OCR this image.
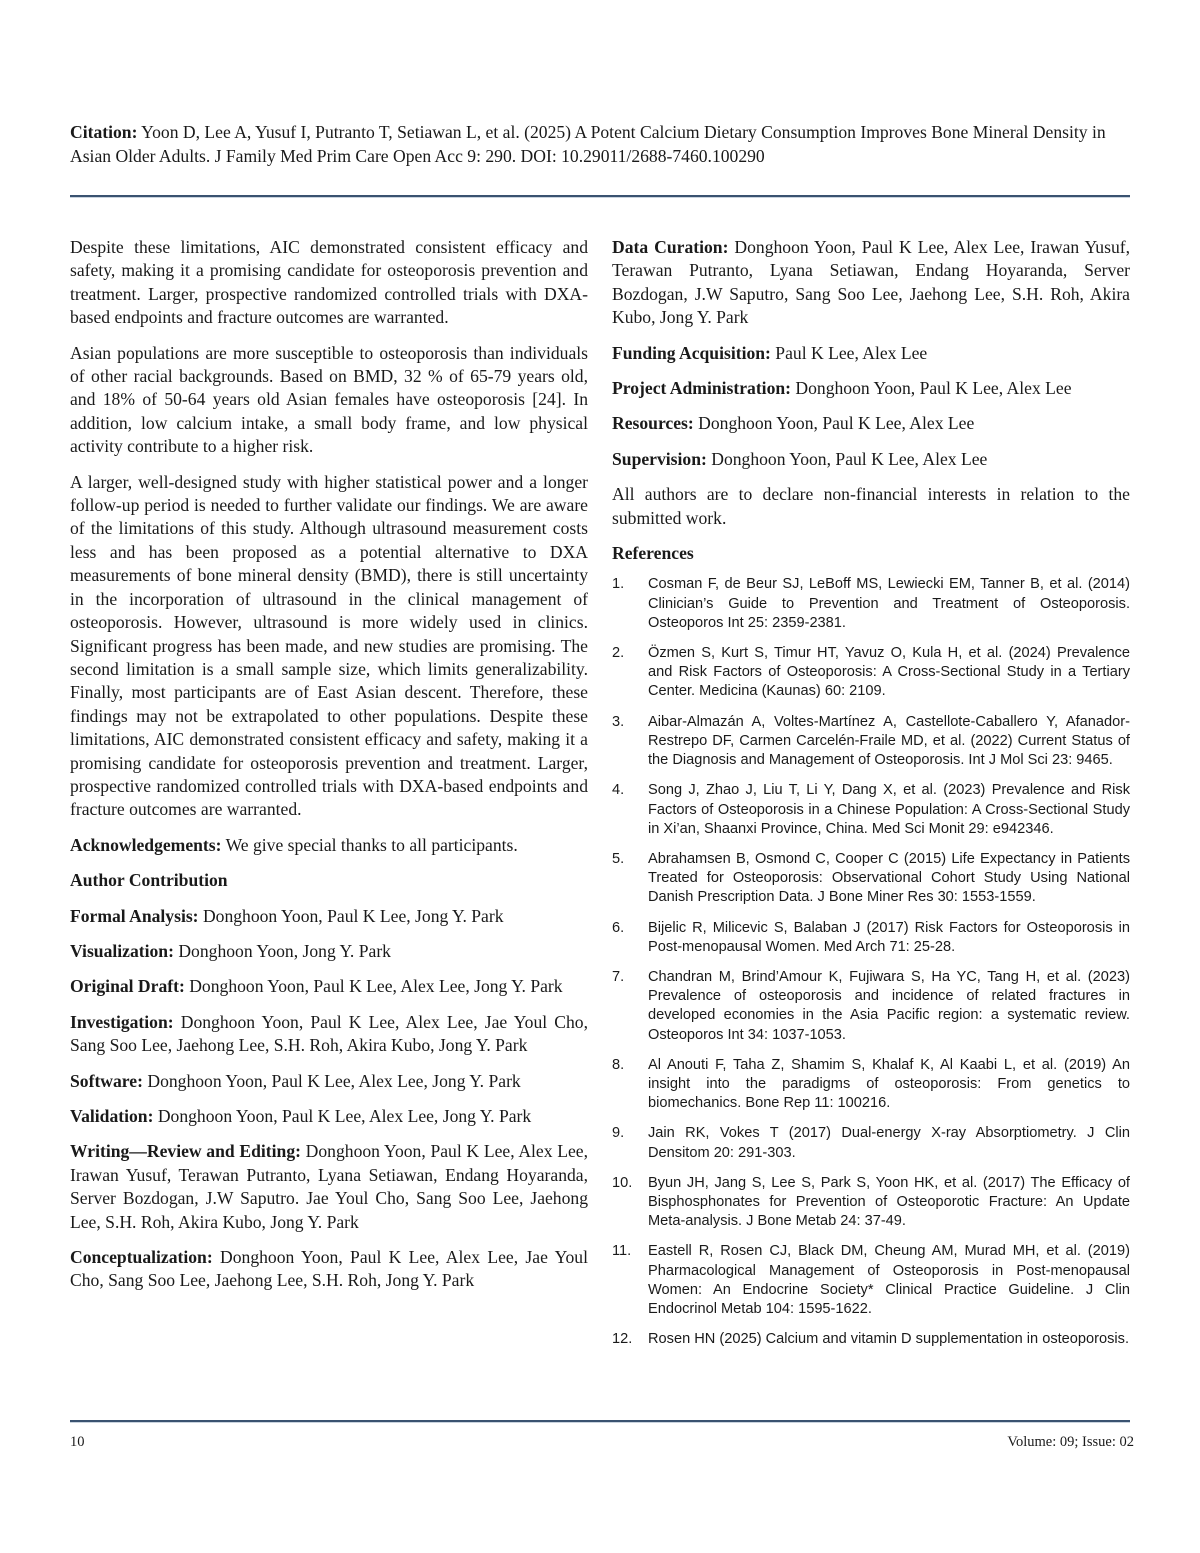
Citation: Yoon D, Lee A, Yusuf I, Putranto T, Setiawan L, et al. (2025) A Potent Calcium Dietary Consumption Improves Bone Mineral Density in Asian Older Adults. J Family Med Prim Care Open Acc 9: 290. DOI: 10.29011/2688-7460.100290

Despite these limitations, AIC demonstrated consistent efficacy and safety, making it a promising candidate for osteoporosis prevention and treatment. Larger, prospective randomized controlled trials with DXA-based endpoints and fracture outcomes are warranted.

Asian populations are more susceptible to osteoporosis than individuals of other racial backgrounds. Based on BMD, 32 % of 65-79 years old, and 18% of 50-64 years old Asian females have osteoporosis [24]. In addition, low calcium intake, a small body frame, and low physical activity contribute to a higher risk.

A larger, well-designed study with higher statistical power and a longer follow-up period is needed to further validate our findings. We are aware of the limitations of this study. Although ultrasound measurement costs less and has been proposed as a potential alternative to DXA measurements of bone mineral density (BMD), there is still uncertainty in the incorporation of ultrasound in the clinical management of osteoporosis. However, ultrasound is more widely used in clinics. Significant progress has been made, and new studies are promising. The second limitation is a small sample size, which limits generalizability. Finally, most participants are of East Asian descent. Therefore, these findings may not be extrapolated to other populations. Despite these limitations, AIC demonstrated consistent efficacy and safety, making it a promising candidate for osteoporosis prevention and treatment. Larger, prospective randomized controlled trials with DXA-based endpoints and fracture outcomes are warranted.

Acknowledgements: We give special thanks to all participants.

Author Contribution

Formal Analysis: Donghoon Yoon, Paul K Lee, Jong Y. Park

Visualization: Donghoon Yoon, Jong Y. Park

Original Draft: Donghoon Yoon, Paul K Lee, Alex Lee, Jong Y. Park

Investigation: Donghoon Yoon, Paul K Lee, Alex Lee, Jae Youl Cho, Sang Soo Lee, Jaehong Lee, S.H. Roh, Akira Kubo, Jong Y. Park

Software: Donghoon Yoon, Paul K Lee, Alex Lee, Jong Y. Park

Validation: Donghoon Yoon, Paul K Lee, Alex Lee, Jong Y. Park

Writing—Review and Editing: Donghoon Yoon, Paul K Lee, Alex Lee, Irawan Yusuf, Terawan Putranto, Lyana Setiawan, Endang Hoyaranda, Server Bozdogan, J.W Saputro. Jae Youl Cho, Sang Soo Lee, Jaehong Lee, S.H. Roh, Akira Kubo, Jong Y. Park

Conceptualization: Donghoon Yoon, Paul K Lee, Alex Lee, Jae Youl Cho, Sang Soo Lee, Jaehong Lee, S.H. Roh, Jong Y. Park

Data Curation: Donghoon Yoon, Paul K Lee, Alex Lee, Irawan Yusuf, Terawan Putranto, Lyana Setiawan, Endang Hoyaranda, Server Bozdogan, J.W Saputro, Sang Soo Lee, Jaehong Lee, S.H. Roh, Akira Kubo, Jong Y. Park

Funding Acquisition: Paul K Lee, Alex Lee

Project Administration: Donghoon Yoon, Paul K Lee, Alex Lee

Resources: Donghoon Yoon, Paul K Lee, Alex Lee

Supervision: Donghoon Yoon, Paul K Lee, Alex Lee

All authors are to declare non-financial interests in relation to the submitted work.

References

1. Cosman F, de Beur SJ, LeBoff MS, Lewiecki EM, Tanner B, et al. (2014) Clinician’s Guide to Prevention and Treatment of Osteoporosis. Osteoporos Int 25: 2359-2381.
2. Özmen S, Kurt S, Timur HT, Yavuz O, Kula H, et al. (2024) Prevalence and Risk Factors of Osteoporosis: A Cross-Sectional Study in a Tertiary Center. Medicina (Kaunas) 60: 2109.
3. Aibar-Almazán A, Voltes-Martínez A, Castellote-Caballero Y, Afanador-Restrepo DF, Carmen Carcelén-Fraile MD, et al. (2022) Current Status of the Diagnosis and Management of Osteoporosis. Int J Mol Sci 23: 9465.
4. Song J, Zhao J, Liu T, Li Y, Dang X, et al. (2023) Prevalence and Risk Factors of Osteoporosis in a Chinese Population: A Cross-Sectional Study in Xi’an, Shaanxi Province, China. Med Sci Monit 29: e942346.
5. Abrahamsen B, Osmond C, Cooper C (2015) Life Expectancy in Patients Treated for Osteoporosis: Observational Cohort Study Using National Danish Prescription Data. J Bone Miner Res 30: 1553-1559.
6. Bijelic R, Milicevic S, Balaban J (2017) Risk Factors for Osteoporosis in Post-menopausal Women. Med Arch 71: 25-28.
7. Chandran M, Brind’Amour K, Fujiwara S, Ha YC, Tang H, et al. (2023) Prevalence of osteoporosis and incidence of related fractures in developed economies in the Asia Pacific region: a systematic review. Osteoporos Int 34: 1037-1053.
8. Al Anouti F, Taha Z, Shamim S, Khalaf K, Al Kaabi L, et al. (2019) An insight into the paradigms of osteoporosis: From genetics to biomechanics. Bone Rep 11: 100216.
9. Jain RK, Vokes T (2017) Dual-energy X-ray Absorptiometry. J Clin Densitom 20: 291-303.
10. Byun JH, Jang S, Lee S, Park S, Yoon HK, et al. (2017) The Efficacy of Bisphosphonates for Prevention of Osteoporotic Fracture: An Update Meta-analysis. J Bone Metab 24: 37-49.
11. Eastell R, Rosen CJ, Black DM, Cheung AM, Murad MH, et al. (2019) Pharmacological Management of Osteoporosis in Post-menopausal Women: An Endocrine Society* Clinical Practice Guideline. J Clin Endocrinol Metab 104: 1595-1622.
12. Rosen HN (2025) Calcium and vitamin D supplementation in osteoporosis.
10	Volume: 09; Issue: 02
